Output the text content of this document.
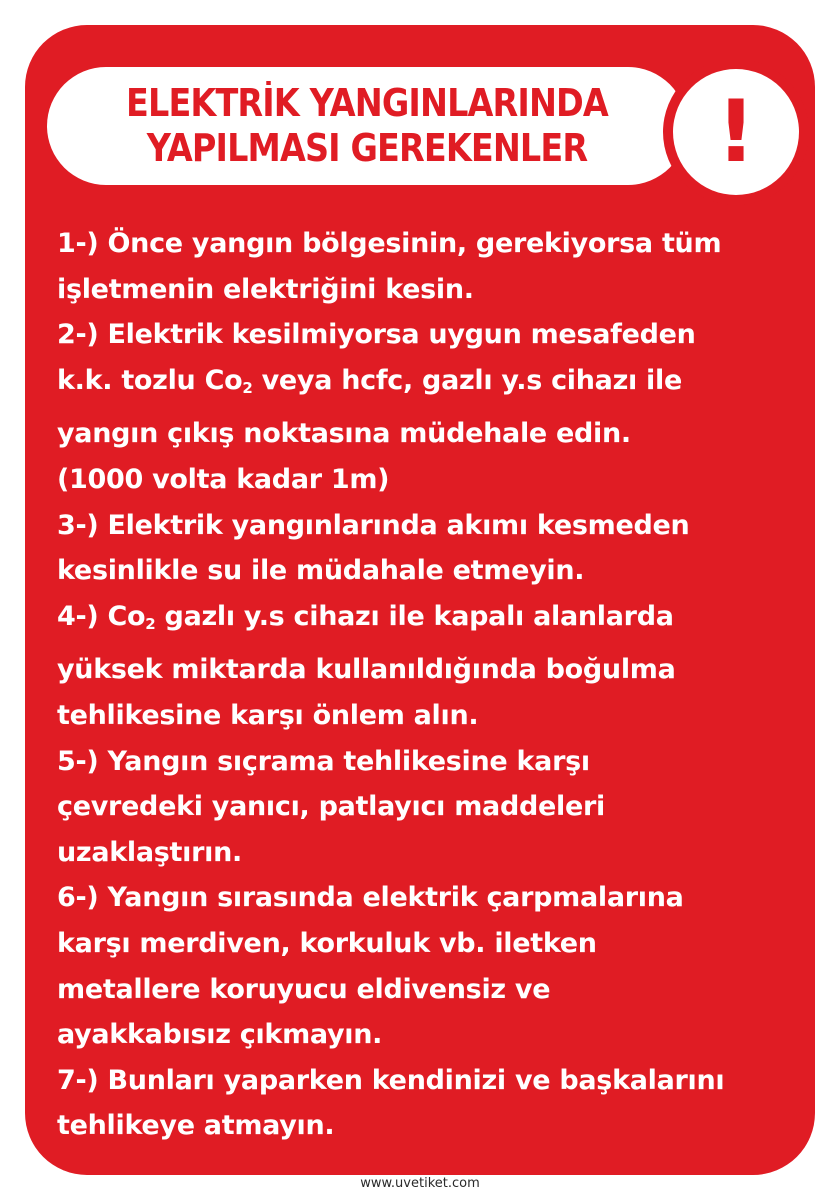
ELEKTRİK YANGINLARINDA
YAPILMASI GEREKENLER	!
1-) Önce yangın bölgesinin, gerekiyorsa tüm
işletmenin elektriğini kesin.
2-) Elektrik kesilmiyorsa uygun mesafeden
k.k. tozlu $Co_2$ veya hcfc, gazlı y.s cihazı ile
yangın çıkış noktasına müdehale edin.
(1000 volta kadar 1m)
3-) Elektrik yangınlarında akımı kesmeden
kesinlikle su ile müdahale etmeyin.
4-) $Co_2$ gazlı y.s cihazı ile kapalı alanlarda
yüksek miktarda kullanıldığında boğulma
tehlikesine karşı önlem alın.
5-) Yangın sıçrama tehlikesine karşı
çevredeki yanıcı, patlayıcı maddeleri
uzaklaştırın.
6-) Yangın sırasında elektrik çarpmalarına
karşı merdiven, korkuluk vb. iletken
metallere koruyucu eldivensiz ve
ayakkabısız çıkmayın.
7-) Bunları yaparken kendinizi ve başkalarını
tehlikeye atmayın.
www.uvetiket.com
